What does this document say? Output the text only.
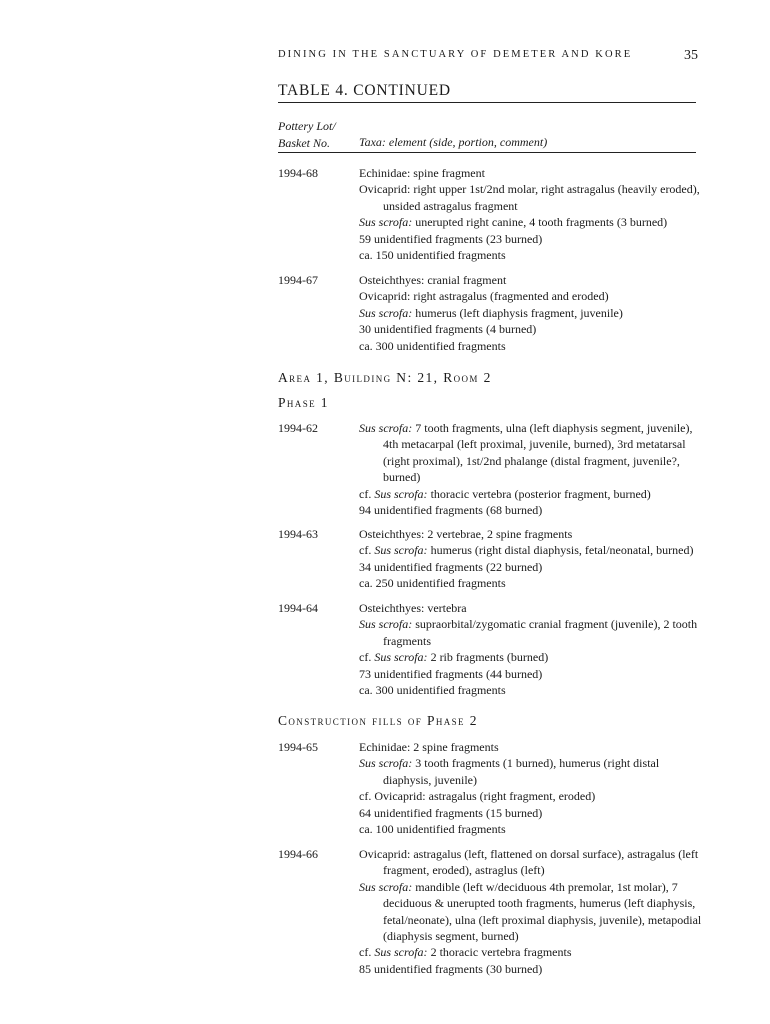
DINING IN THE SANCTUARY OF DEMETER AND KORE	35
TABLE 4. CONTINUED
Pottery Lot/
Basket No.	Taxa: element (side, portion, comment)
1994-68	Echinidae: spine fragment
Ovicaprid: right upper 1st/2nd molar, right astragalus (heavily eroded), unsided astragalus fragment
Sus scrofa: unerupted right canine, 4 tooth fragments (3 burned)
59 unidentified fragments (23 burned)
ca. 150 unidentified fragments
1994-67	Osteichthyes: cranial fragment
Ovicaprid: right astragalus (fragmented and eroded)
Sus scrofa: humerus (left diaphysis fragment, juvenile)
30 unidentified fragments (4 burned)
ca. 300 unidentified fragments
Area 1, Building N: 21, Room 2
Phase 1
1994-62	Sus scrofa: 7 tooth fragments, ulna (left diaphysis segment, juvenile), 4th metacarpal (left proximal, juvenile, burned), 3rd metatarsal (right proximal), 1st/2nd phalange (distal fragment, juvenile?, burned)
cf. Sus scrofa: thoracic vertebra (posterior fragment, burned)
94 unidentified fragments (68 burned)
1994-63	Osteichthyes: 2 vertebrae, 2 spine fragments
cf. Sus scrofa: humerus (right distal diaphysis, fetal/neonatal, burned)
34 unidentified fragments (22 burned)
ca. 250 unidentified fragments
1994-64	Osteichthyes: vertebra
Sus scrofa: supraorbital/zygomatic cranial fragment (juvenile), 2 tooth fragments
cf. Sus scrofa: 2 rib fragments (burned)
73 unidentified fragments (44 burned)
ca. 300 unidentified fragments
Construction fills of Phase 2
1994-65	Echinidae: 2 spine fragments
Sus scrofa: 3 tooth fragments (1 burned), humerus (right distal diaphysis, juvenile)
cf. Ovicaprid: astragalus (right fragment, eroded)
64 unidentified fragments (15 burned)
ca. 100 unidentified fragments
1994-66	Ovicaprid: astragalus (left, flattened on dorsal surface), astragalus (left fragment, eroded), astraglus (left)
Sus scrofa: mandible (left w/deciduous 4th premolar, 1st molar), 7 deciduous & unerupted tooth fragments, humerus (left diaphysis, fetal/neonate), ulna (left proximal diaphysis, juvenile), metapodial (diaphysis segment, burned)
cf. Sus scrofa: 2 thoracic vertebra fragments
85 unidentified fragments (30 burned)
